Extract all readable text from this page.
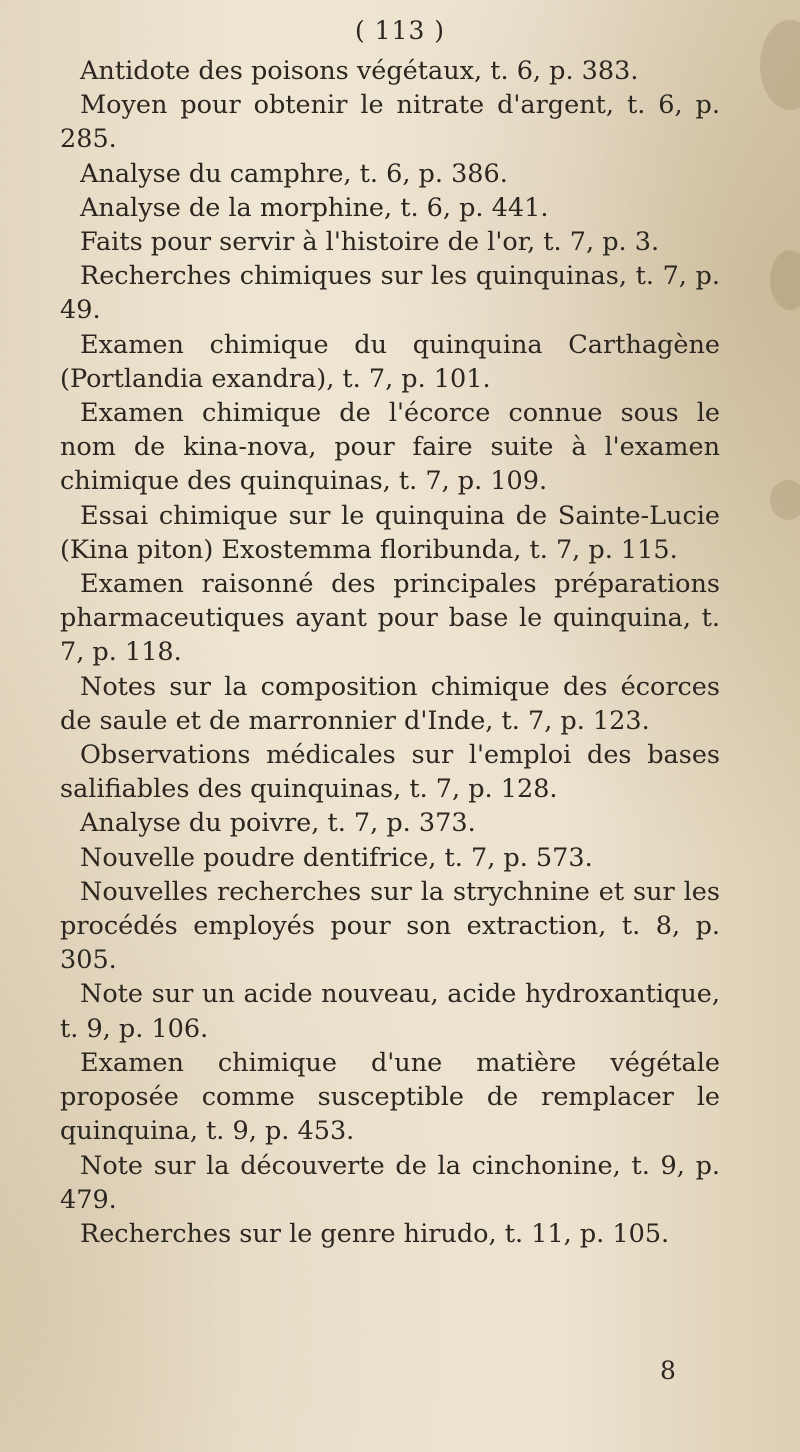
( 113 )

Antidote des poisons végétaux, t. 6, p. 383.

Moyen pour obtenir le nitrate d'argent, t. 6, p. 285.

Analyse du camphre, t. 6, p. 386.

Analyse de la morphine, t. 6, p. 441.

Faits pour servir à l'histoire de l'or, t. 7, p. 3.

Recherches chimiques sur les quinquinas, t. 7, p. 49.

Examen chimique du quinquina Carthagène (Portlandia exandra), t. 7, p. 101.

Examen chimique de l'écorce connue sous le nom de kina-nova, pour faire suite à l'examen chimique des quinquinas, t. 7, p. 109.

Essai chimique sur le quinquina de Sainte-Lucie (Kina piton) Exostemma floribunda, t. 7, p. 115.

Examen raisonné des principales préparations pharmaceutiques ayant pour base le quinquina, t. 7, p. 118.

Notes sur la composition chimique des écorces de saule et de marronnier d'Inde, t. 7, p. 123.

Observations médicales sur l'emploi des bases salifiables des quinquinas, t. 7, p. 128.

Analyse du poivre, t. 7, p. 373.

Nouvelle poudre dentifrice, t. 7, p. 573.

Nouvelles recherches sur la strychnine et sur les procédés employés pour son extraction, t. 8, p. 305.

Note sur un acide nouveau, acide hydroxantique, t. 9, p. 106.

Examen chimique d'une matière végétale proposée comme susceptible de remplacer le quinquina, t. 9, p. 453.

Note sur la découverte de la cinchonine, t. 9, p. 479.

Recherches sur le genre hirudo, t. 11, p. 105.

8
